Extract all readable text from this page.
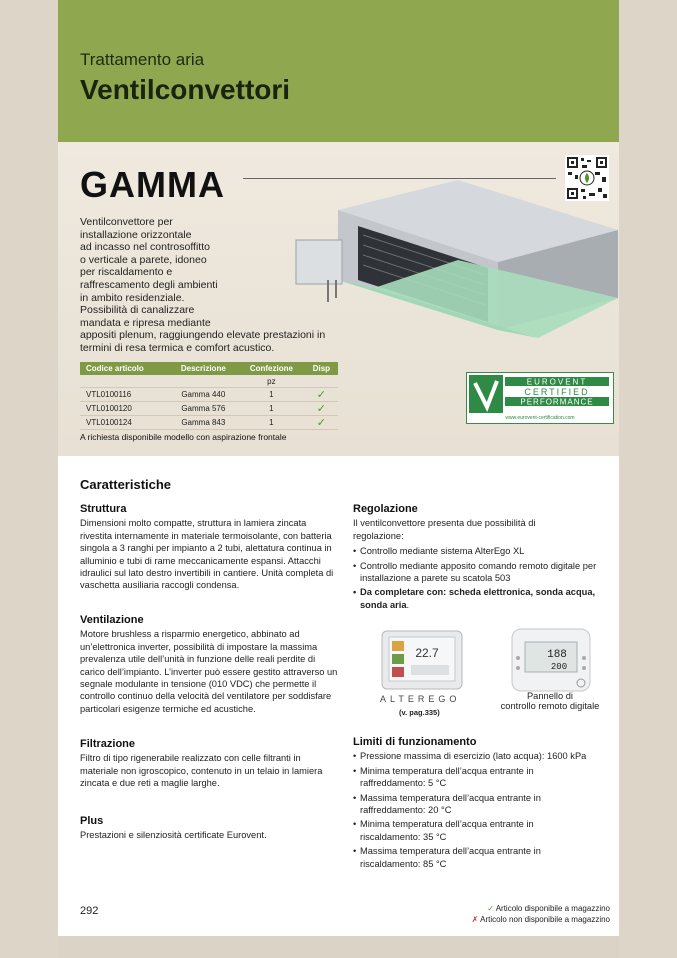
Trattamento aria
Ventilconvettori
GAMMA
Ventilconvettore per
installazione orizzontale
ad incasso nel controsoffitto
o verticale a parete, idoneo
per riscaldamento e
raffrescamento degli ambienti
in ambito residenziale.
Possibilità di canalizzare
mandata e ripresa mediante
appositi plenum, raggiungendo elevate prestazioni in
termini di resa termica e comfort acustico.
Codice articolo	Descrizione	Confezione	Disp
		pz	
VTL0100116	Gamma 440	1	✓
VTL0100120	Gamma 576	1	✓
VTL0100124	Gamma 843	1	✓
A richiesta disponibile modello con aspirazione frontale
EUROVENT
CERTIFIED
PERFORMANCE
www.eurovent-certification.com
Caratteristiche
Struttura

Dimensioni molto compatte, struttura in lamiera zincata rivestita internamente in materiale termoisolante, con batteria singola a 3 ranghi per impianto a 2 tubi, alettatura continua in alluminio e tubi di rame meccanicamente espansi. Attacchi idraulici sul lato destro invertibili in cantiere. Unità completa di vaschetta ausiliaria raccogli condensa.

Ventilazione

Motore brushless a risparmio energetico, abbinato ad un’elettronica inverter, possibilità di impostare la massima prevalenza utile dell’unità in funzione delle reali perdite di carico dell’impianto. L’inverter può essere gestito attraverso un segnale modulante in tensione (010 VDC) che permette il controllo continuo della velocità del ventilatore per soddisfare particolari esigenze termiche ed acustiche.

Filtrazione

Filtro di tipo rigenerabile realizzato con celle filtranti in materiale non igroscopico, contenuto in un telaio in lamiera zincata e due reti a maglie larghe.

Plus

Prestazioni e silenziosità certificate Eurovent.

Regolazione

Il ventilconvettore presenta due possibilità di regolazione:

• Controllo mediante sistema AlterEgo XL
• Controllo mediante apposito comando remoto digitale per installazione a parete su scatola 503
• Da completare con: scheda elettronica, sonda acqua, sonda aria.
22.7
ALTEREGO
(v. pag.335)
188
200
Pannello di
controllo remoto digitale
Limiti di funzionamento
• Pressione massima di esercizio (lato acqua): 1600 kPa
• Minima temperatura dell’acqua entrante in raffreddamento: 5 °C
• Massima temperatura dell’acqua entrante in raffreddamento: 20 °C
• Minima temperatura dell’acqua entrante in riscaldamento: 35 °C
• Massima temperatura dell’acqua entrante in riscaldamento: 85 °C
292	✓ Articolo disponibile a magazzino
✗ Articolo non disponibile a magazzino
